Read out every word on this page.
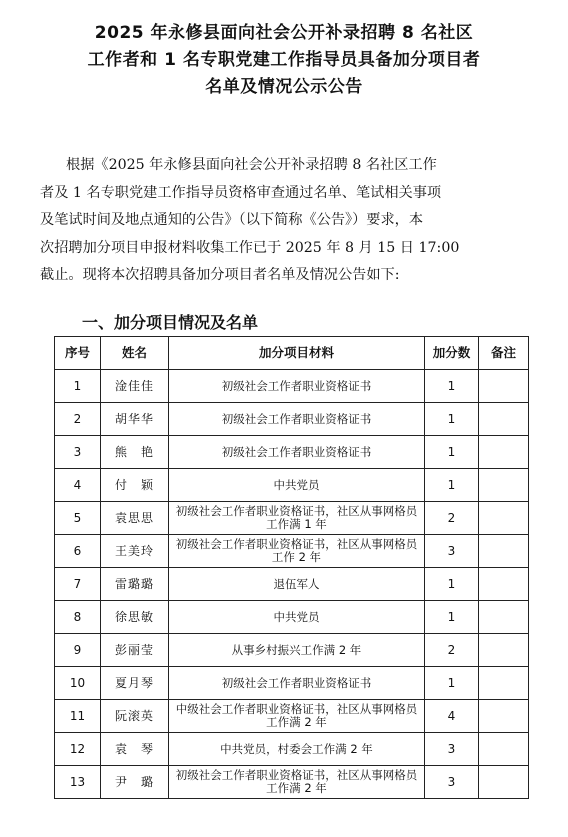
2025 年永修县面向社会公开补录招聘 8 名社区
工作者和 1 名专职党建工作指导员具备加分项目者
名单及情况公示公告
根据《2025 年永修县面向社会公开补录招聘 8 名社区工作
者及 1 名专职党建工作指导员资格审查通过名单、笔试相关事项
及笔试时间及地点通知的公告》（以下简称《公告》）要求，本
次招聘加分项目申报材料收集工作已于 2025 年 8 月 15 日 17:00
截止。现将本次招聘具备加分项目者名单及情况公告如下:
一、加分项目情况及名单
序号	姓名	加分项目材料	加分数	备注
1	淦佳佳	初级社会工作者职业资格证书	1	
2	胡华华	初级社会工作者职业资格证书	1	
3	熊　艳	初级社会工作者职业资格证书	1	
4	付　颖	中共党员	1	
5	袁思思	初级社会工作者职业资格证书，社区从事网格员工作满 1 年	2	
6	王美玲	初级社会工作者职业资格证书，社区从事网格员工作 2 年	3	
7	雷璐璐	退伍军人	1	
8	徐思敏	中共党员	1	
9	彭丽莹	从事乡村振兴工作满 2 年	2	
10	夏月琴	初级社会工作者职业资格证书	1	
11	阮滚英	中级社会工作者职业资格证书，社区从事网格员工作满 2 年	4	
12	袁　琴	中共党员，村委会工作满 2 年	3	
13	尹　璐	初级社会工作者职业资格证书，社区从事网格员工作满 2 年	3	
